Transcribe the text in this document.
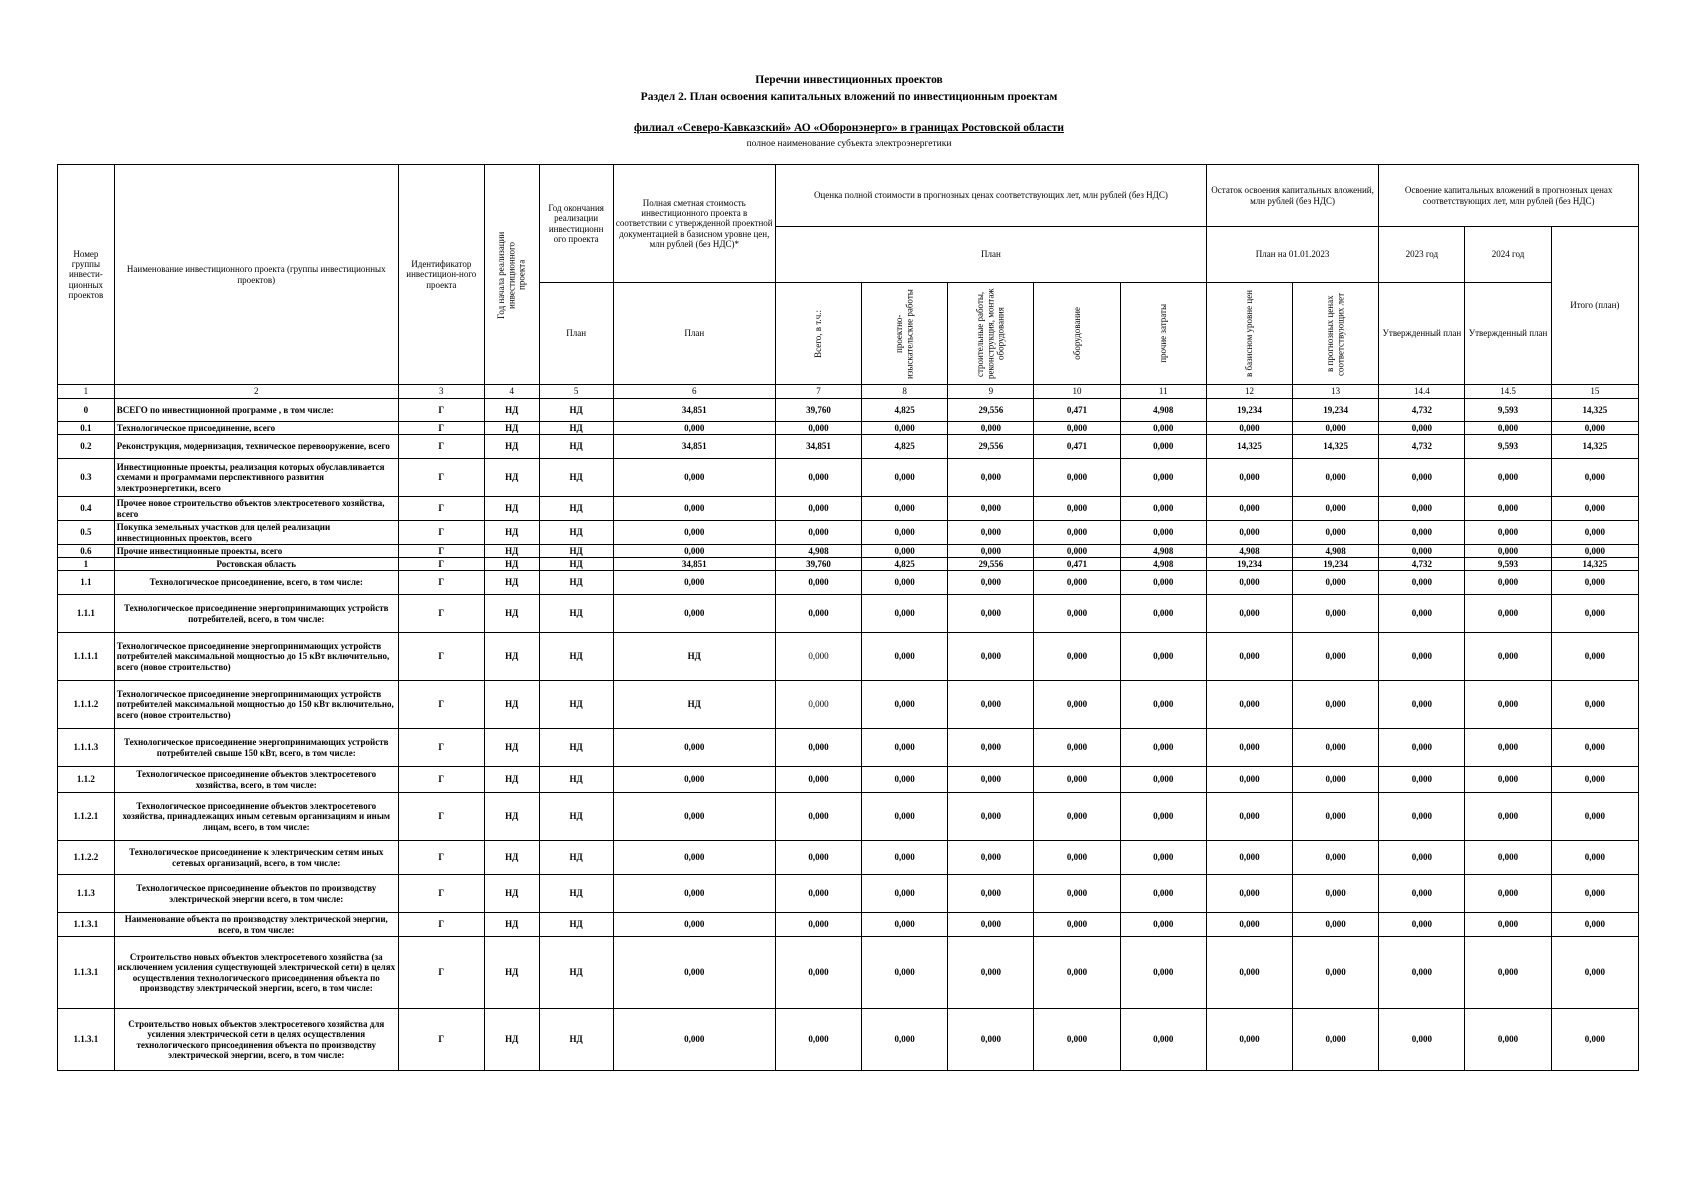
Перечни инвестиционных проектов
Раздел 2. План освоения капитальных вложений по инвестиционным проектам
филиал «Северо-Кавказский» АО «Оборонэнерго» в границах Ростовской области
полное наименование субъекта электроэнергетики
Номер группы инвести-ционных проектов	Наименование инвестиционного проекта (группы инвестиционных проектов)	Идентификатор инвестицион-ного проекта	Год начала реализации инвестиционного проекта	Год окончания реализации инвестиционн ого проекта	Полная сметная стоимость инвестиционного проекта в соответствии с утвержденной проектной документацией в базисном уровне цен, млн рублей (без НДС)*	Оценка полной стоимости в прогнозных ценах соответствующих лет, млн рублей (без НДС)					Остаток освоения капитальных вложений, млн рублей (без НДС)		Освоение капитальных вложений в прогнозных ценах соответствующих лет, млн рублей (без НДС)		
						План					План на 01.01.2023		2023 год	2024 год	Итого (план)
				План	План	Всего, в т.ч.:	проектно-изыскательские работы	строительные работы, реконструкция, монтаж оборудования	оборудование	прочие затраты	в базисном уровне цен	в прогнозных ценах соответствующих лет	Утвержденный план	Утвержденный план	
1	2	3	4	5	6	7	8	9	10	11	12	13	14.4	14.5	15
0	ВСЕГО по инвестиционной программе , в том числе:	Г	НД	НД	34,851	39,760	4,825	29,556	0,471	4,908	19,234	19,234	4,732	9,593	14,325
0.1	Технологическое присоединение, всего	Г	НД	НД	0,000	0,000	0,000	0,000	0,000	0,000	0,000	0,000	0,000	0,000	0,000
0.2	Реконструкция, модернизация, техническое перевооружение, всего	Г	НД	НД	34,851	34,851	4,825	29,556	0,471	0,000	14,325	14,325	4,732	9,593	14,325
0.3	Инвестиционные проекты, реализация которых обуславливается схемами и программами перспективного развития электроэнергетики, всего	Г	НД	НД	0,000	0,000	0,000	0,000	0,000	0,000	0,000	0,000	0,000	0,000	0,000
0.4	Прочее новое строительство объектов электросетевого хозяйства, всего	Г	НД	НД	0,000	0,000	0,000	0,000	0,000	0,000	0,000	0,000	0,000	0,000	0,000
0.5	Покупка земельных участков для целей реализации инвестиционных проектов, всего	Г	НД	НД	0,000	0,000	0,000	0,000	0,000	0,000	0,000	0,000	0,000	0,000	0,000
0.6	Прочие инвестиционные проекты, всего	Г	НД	НД	0,000	4,908	0,000	0,000	0,000	4,908	4,908	4,908	0,000	0,000	0,000
1	Ростовская область	Г	НД	НД	34,851	39,760	4,825	29,556	0,471	4,908	19,234	19,234	4,732	9,593	14,325
1.1	Технологическое присоединение, всего, в том числе:	Г	НД	НД	0,000	0,000	0,000	0,000	0,000	0,000	0,000	0,000	0,000	0,000	0,000
1.1.1	Технологическое присоединение энергопринимающих устройств потребителей, всего, в том числе:	Г	НД	НД	0,000	0,000	0,000	0,000	0,000	0,000	0,000	0,000	0,000	0,000	0,000
1.1.1.1	Технологическое присоединение энергопринимающих устройств потребителей максимальной мощностью до 15 кВт включительно, всего (новое строительство)	Г	НД	НД	НД	0,000	0,000	0,000	0,000	0,000	0,000	0,000	0,000	0,000	0,000
1.1.1.2	Технологическое присоединение энергопринимающих устройств потребителей максимальной мощностью до 150 кВт включительно, всего (новое строительство)	Г	НД	НД	НД	0,000	0,000	0,000	0,000	0,000	0,000	0,000	0,000	0,000	0,000
1.1.1.3	Технологическое присоединение энергопринимающих устройств потребителей свыше 150 кВт, всего, в том числе:	Г	НД	НД	0,000	0,000	0,000	0,000	0,000	0,000	0,000	0,000	0,000	0,000	0,000
1.1.2	Технологическое присоединение объектов электросетевого хозяйства, всего, в том числе:	Г	НД	НД	0,000	0,000	0,000	0,000	0,000	0,000	0,000	0,000	0,000	0,000	0,000
1.1.2.1	Технологическое присоединение объектов электросетевого хозяйства, принадлежащих иным сетевым организациям и иным лицам, всего, в том числе:	Г	НД	НД	0,000	0,000	0,000	0,000	0,000	0,000	0,000	0,000	0,000	0,000	0,000
1.1.2.2	Технологическое присоединение к электрическим сетям иных сетевых организаций, всего, в том числе:	Г	НД	НД	0,000	0,000	0,000	0,000	0,000	0,000	0,000	0,000	0,000	0,000	0,000
1.1.3	Технологическое присоединение объектов по производству электрической энергии всего, в том числе:	Г	НД	НД	0,000	0,000	0,000	0,000	0,000	0,000	0,000	0,000	0,000	0,000	0,000
1.1.3.1	Наименование объекта по производству электрической энергии, всего, в том числе:	Г	НД	НД	0,000	0,000	0,000	0,000	0,000	0,000	0,000	0,000	0,000	0,000	0,000
1.1.3.1	Строительство новых объектов электросетевого хозяйства (за исключением усиления существующей электрической сети) в целях осуществления технологического присоединения объекта по производству электрической энергии, всего, в том числе:	Г	НД	НД	0,000	0,000	0,000	0,000	0,000	0,000	0,000	0,000	0,000	0,000	0,000
1.1.3.1	Строительство новых объектов электросетевого хозяйства для усиления электрической сети в целях осуществления технологического присоединения объекта по производству электрической энергии, всего, в том числе:	Г	НД	НД	0,000	0,000	0,000	0,000	0,000	0,000	0,000	0,000	0,000	0,000	0,000
